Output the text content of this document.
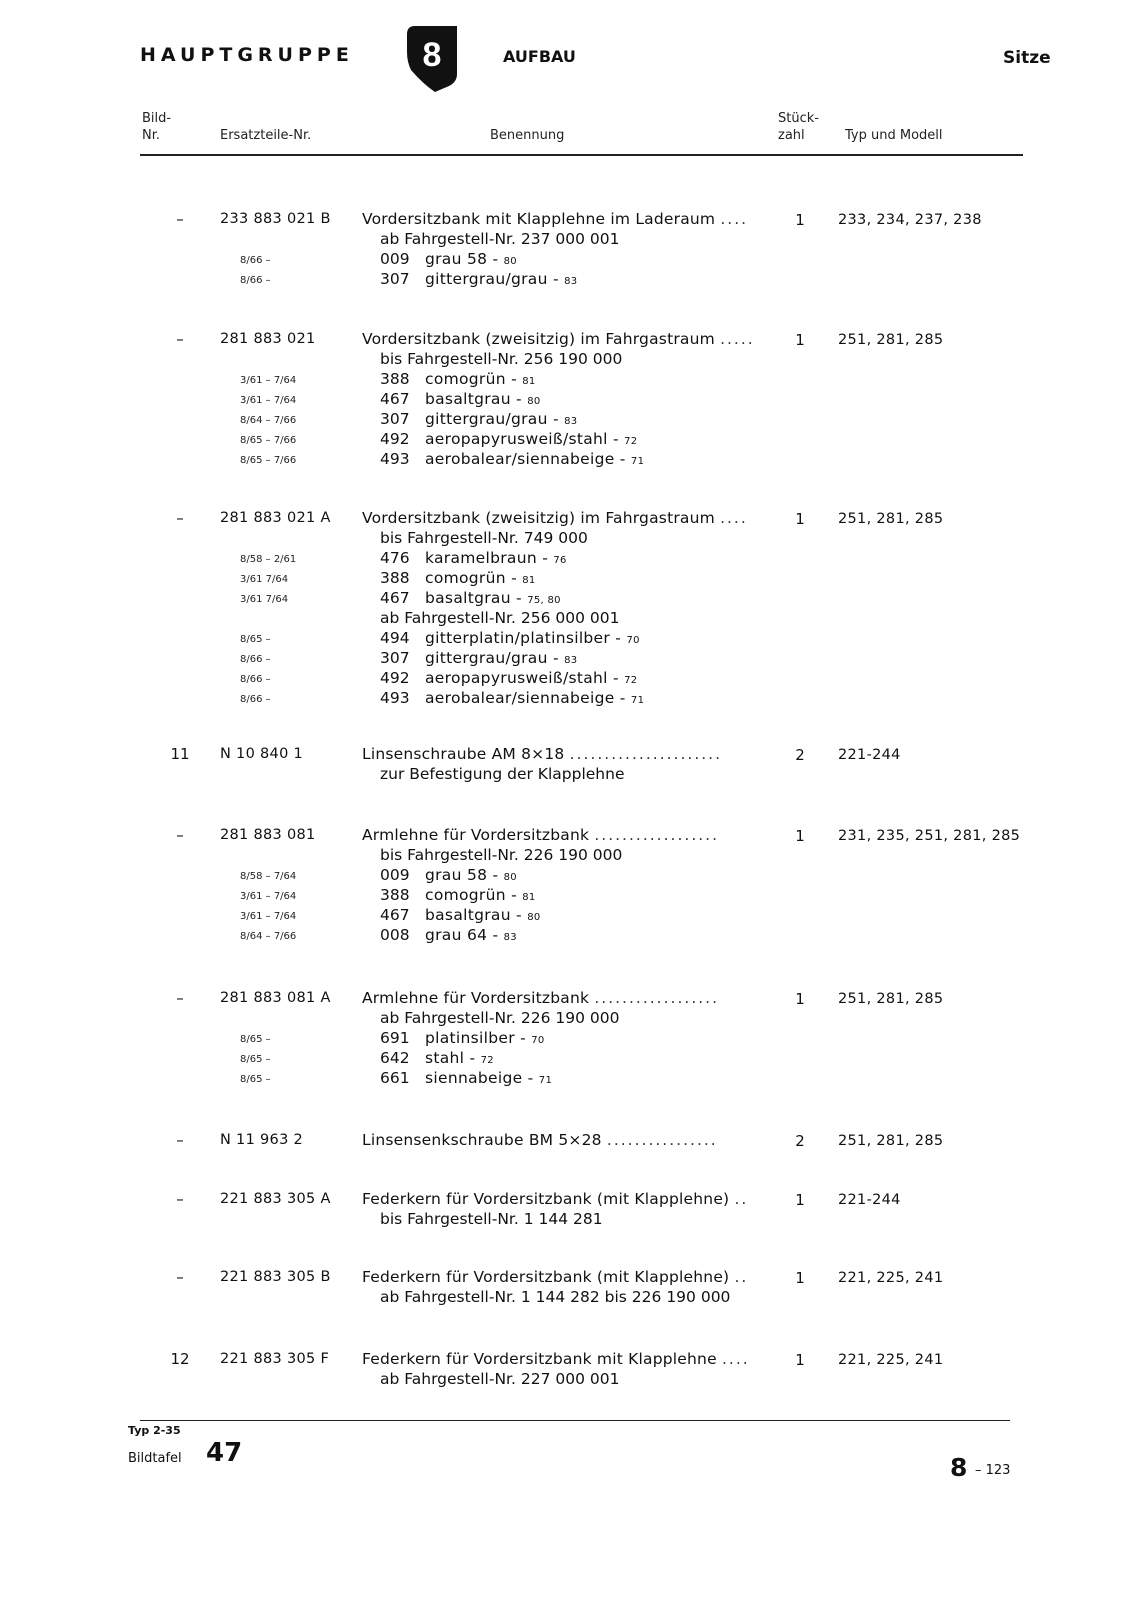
HAUPTGRUPPE 8	AUFBAU	Sitze
Bild-
Nr.	Ersatzteile-Nr.	Benennung
Stück-
zahl	Typ und Modell
–	233 883 021 B Vordersitzbank mit Klapplehne im Laderaum ....	1	233, 234, 237, 238
ab Fahrgestell-Nr. 237 000 001
8/66 –	009 grau 58 - 80
8/66 –	307 gittergrau/grau - 83
–	281 883 021	Vordersitzbank (zweisitzig) im Fahrgastraum .....	1	251, 281, 285
bis Fahrgestell-Nr. 256 190 000
3/61 – 7/64	388 comogrün - 81
3/61 – 7/64	467 basaltgrau - 80
8/64 – 7/66	307 gittergrau/grau - 83
8/65 – 7/66	492 aeropapyrusweiß/stahl - 72
8/65 – 7/66	493 aerobalear/siennabeige - 71
–	281 883 021 A Vordersitzbank (zweisitzig) im Fahrgastraum ....	1	251, 281, 285
bis Fahrgestell-Nr. 749 000
8/58 – 2/61	476 karamelbraun - 76
3/61 7/64	388 comogrün - 81
3/61 7/64	467 basaltgrau - 75, 80
ab Fahrgestell-Nr. 256 000 001
8/65 –	494 gitterplatin/platinsilber - 70
8/66 –	307 gittergrau/grau - 83
8/66 –	492 aeropapyrusweiß/stahl - 72
8/66 –	493 aerobalear/siennabeige - 71
11	N 10 840 1	Linsenschraube AM 8×18 ......................	2	221-244
zur Befestigung der Klapplehne
–	281 883 081	Armlehne für Vordersitzbank ..................	1	231, 235, 251, 281, 285
bis Fahrgestell-Nr. 226 190 000
8/58 – 7/64	009 grau 58 - 80
3/61 – 7/64	388 comogrün - 81
3/61 – 7/64	467 basaltgrau - 80
8/64 – 7/66	008 grau 64 - 83
–	281 883 081 A Armlehne für Vordersitzbank ..................	1	251, 281, 285
ab Fahrgestell-Nr. 226 190 000
8/65 –	691 platinsilber - 70
8/65 –	642 stahl - 72
8/65 –	661 siennabeige - 71
–	N 11 963 2	Linsensenkschraube BM 5×28 ................	2	251, 281, 285
–	221 883 305 A Federkern für Vordersitzbank (mit Klapplehne) ..	1	221-244
bis Fahrgestell-Nr. 1 144 281
–	221 883 305 B Federkern für Vordersitzbank (mit Klapplehne) ..	1	221, 225, 241
ab Fahrgestell-Nr. 1 144 282 bis 226 190 000
12	221 883 305 F Federkern für Vordersitzbank mit Klapplehne ....	1	221, 225, 241
ab Fahrgestell-Nr. 227 000 001
Typ 2-35
Bildtafel 47	8 – 123
